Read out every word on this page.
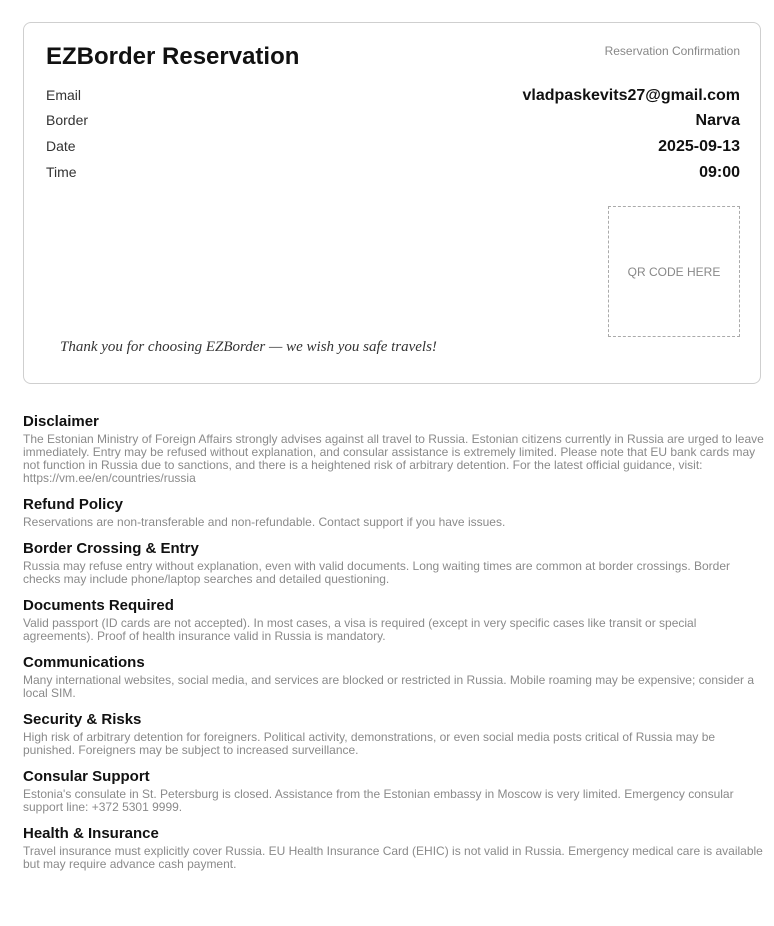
EZBorder Reservation	Reservation Confirmation
Email	vladpaskevits27@gmail.com
Border	Narva
Date	2025-09-13
Time	09:00
QR CODE HERE
Thank you for choosing EZBorder — we wish you safe travels!
Disclaimer

The Estonian Ministry of Foreign Affairs strongly advises against all travel to Russia. Estonian citizens currently in Russia are urged to leave immediately. Entry may be refused without explanation, and consular assistance is extremely limited. Please note that EU bank cards may not function in Russia due to sanctions, and there is a heightened risk of arbitrary detention. For the latest official guidance, visit: https://vm.ee/en/countries/russia

Refund Policy

Reservations are non-transferable and non-refundable. Contact support if you have issues.

Border Crossing & Entry

Russia may refuse entry without explanation, even with valid documents. Long waiting times are common at border crossings. Border checks may include phone/laptop searches and detailed questioning.

Documents Required

Valid passport (ID cards are not accepted). In most cases, a visa is required (except in very specific cases like transit or special agreements). Proof of health insurance valid in Russia is mandatory.

Communications

Many international websites, social media, and services are blocked or restricted in Russia. Mobile roaming may be expensive; consider a local SIM.

Security & Risks

High risk of arbitrary detention for foreigners. Political activity, demonstrations, or even social media posts critical of Russia may be punished. Foreigners may be subject to increased surveillance.

Consular Support

Estonia's consulate in St. Petersburg is closed. Assistance from the Estonian embassy in Moscow is very limited. Emergency consular support line: +372 5301 9999.

Health & Insurance

Travel insurance must explicitly cover Russia. EU Health Insurance Card (EHIC) is not valid in Russia. Emergency medical care is available but may require advance cash payment.
